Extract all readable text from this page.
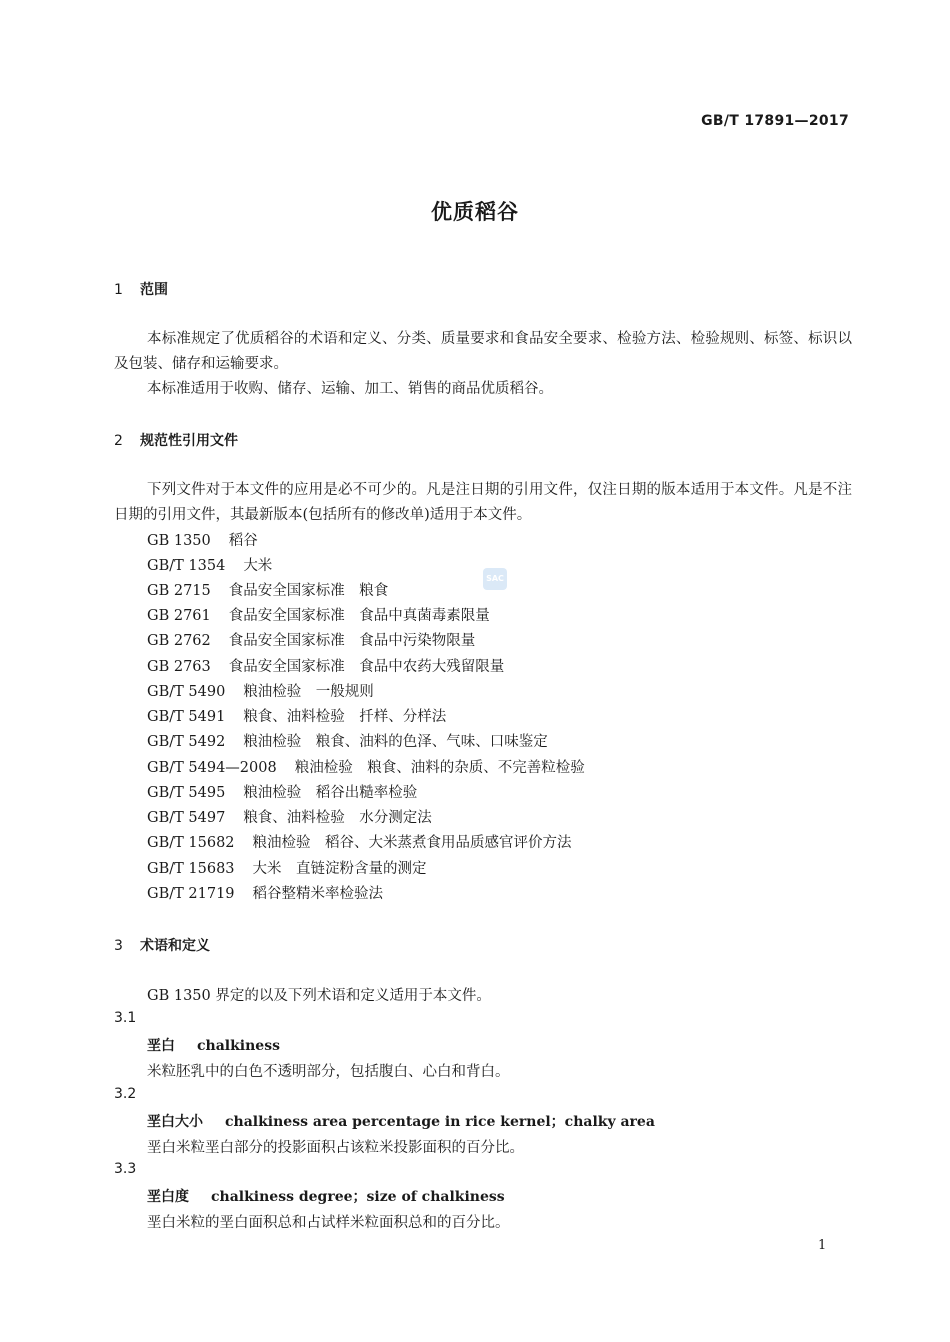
GB/T 17891—2017
优质稻谷
1 范围
本标准规定了优质稻谷的术语和定义、分类、质量要求和食品安全要求、检验方法、检验规则、标签、标识以及包装、储存和运输要求。
本标准适用于收购、储存、运输、加工、销售的商品优质稻谷。
2 规范性引用文件
下列文件对于本文件的应用是必不可少的。凡是注日期的引用文件，仅注日期的版本适用于本文件。凡是不注日期的引用文件，其最新版本(包括所有的修改单)适用于本文件。
GB 1350 稻谷
GB/T 1354 大米
GB 2715 食品安全国家标准　粮食
GB 2761 食品安全国家标准　食品中真菌毒素限量
GB 2762 食品安全国家标准　食品中污染物限量
GB 2763 食品安全国家标准　食品中农药大残留限量
GB/T 5490 粮油检验　一般规则
GB/T 5491 粮食、油料检验　扦样、分样法
GB/T 5492 粮油检验　粮食、油料的色泽、气味、口味鉴定
GB/T 5494—2008 粮油检验　粮食、油料的杂质、不完善粒检验
GB/T 5495 粮油检验　稻谷出糙率检验
GB/T 5497 粮食、油料检验　水分测定法
GB/T 15682 粮油检验　稻谷、大米蒸煮食用品质感官评价方法
GB/T 15683 大米　直链淀粉含量的测定
GB/T 21719 稻谷整精米率检验法
SAC
3 术语和定义
GB 1350 界定的以及下列术语和定义适用于本文件。
3.1
垩白 chalkiness
米粒胚乳中的白色不透明部分，包括腹白、心白和背白。
3.2
垩白大小 chalkiness area percentage in rice kernel；chalky area
垩白米粒垩白部分的投影面积占该粒米投影面积的百分比。
3.3
垩白度 chalkiness degree；size of chalkiness
垩白米粒的垩白面积总和占试样米粒面积总和的百分比。
1
